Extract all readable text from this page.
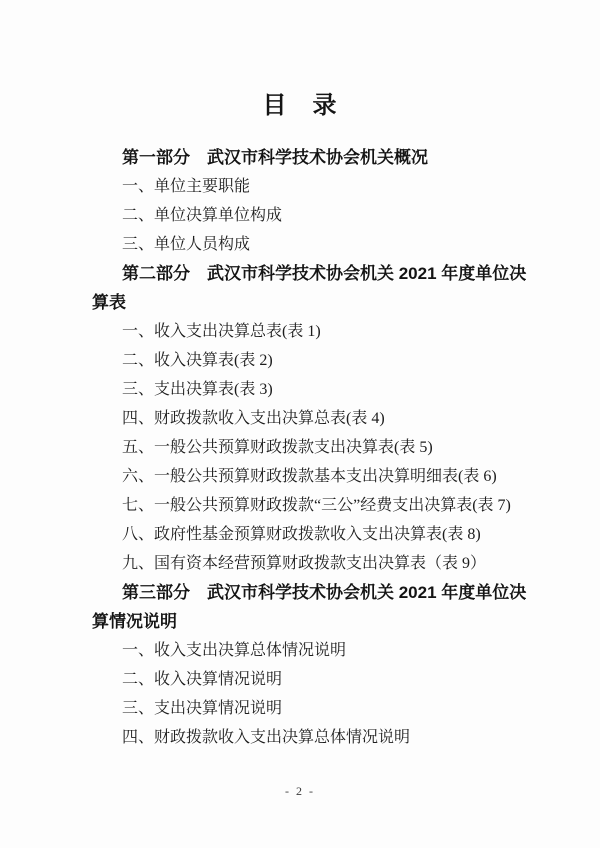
目　录
第一部分　武汉市科学技术协会机关概况
一、单位主要职能
二、单位决算单位构成
三、单位人员构成
第二部分　武汉市科学技术协会机关 2021 年度单位决
算表
一、收入支出决算总表(表 1)
二、收入决算表(表 2)
三、支出决算表(表 3)
四、财政拨款收入支出决算总表(表 4)
五、一般公共预算财政拨款支出决算表(表 5)
六、一般公共预算财政拨款基本支出决算明细表(表 6)
七、一般公共预算财政拨款“三公”经费支出决算表(表 7)
八、政府性基金预算财政拨款收入支出决算表(表 8)
九、国有资本经营预算财政拨款支出决算表（表 9）
第三部分　武汉市科学技术协会机关 2021 年度单位决
算情况说明
一、收入支出决算总体情况说明
二、收入决算情况说明
三、支出决算情况说明
四、财政拨款收入支出决算总体情况说明
- 2 -
